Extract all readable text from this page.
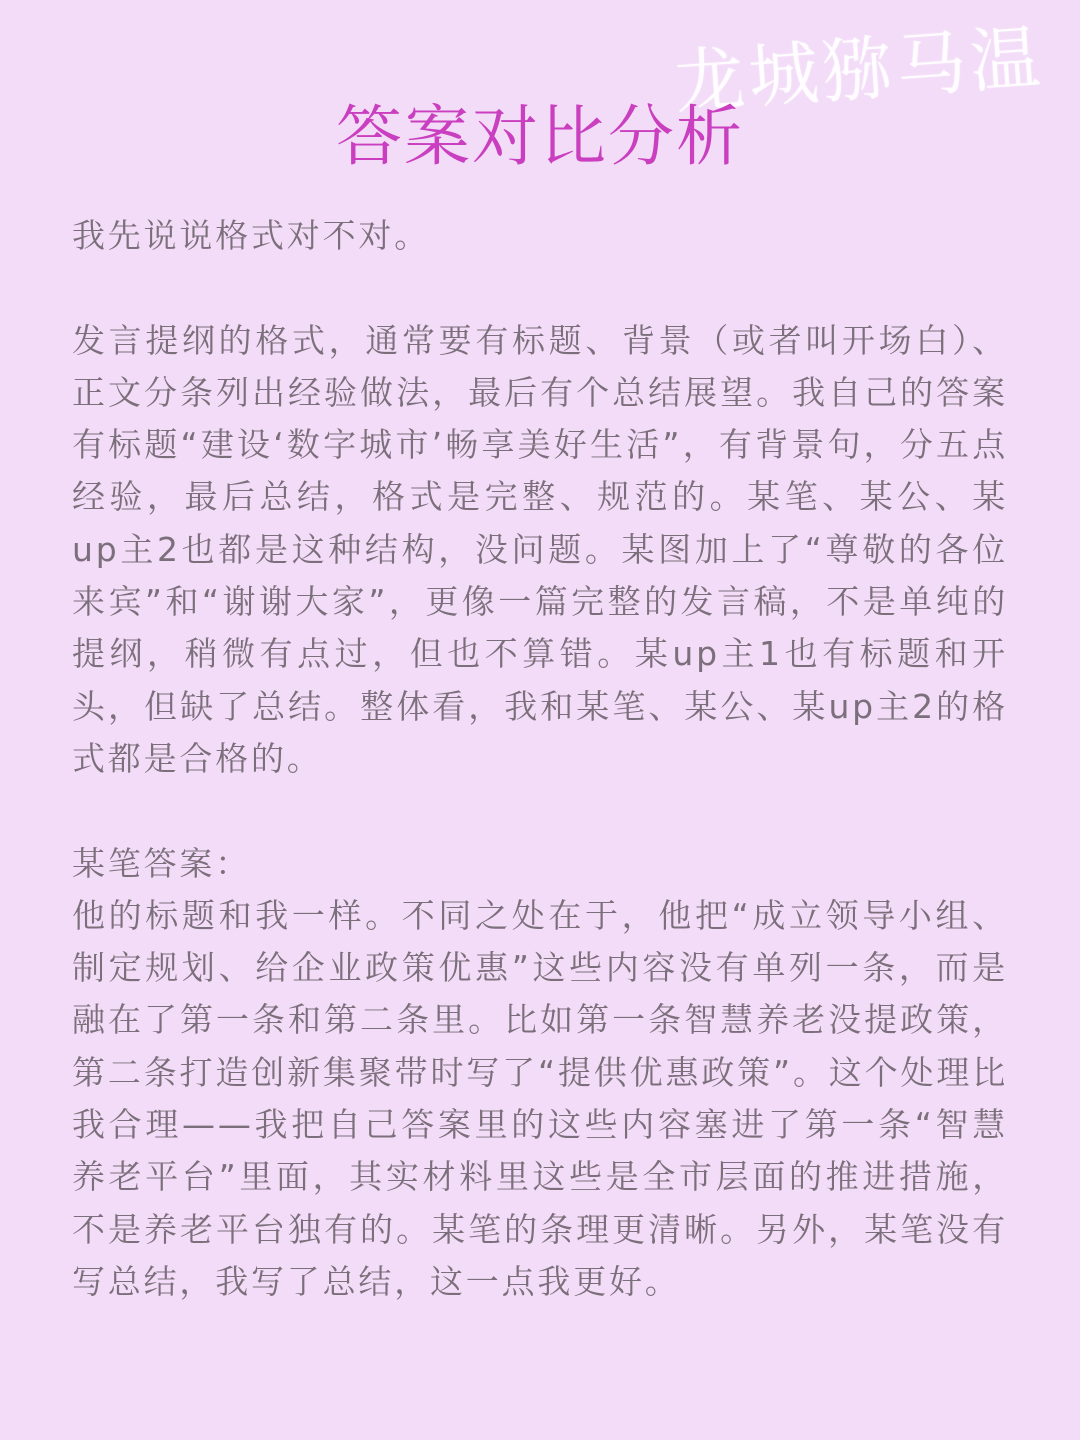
龙城猕马温
答案对比分析

我先说说格式对不对。

发言提纲的格式，通常要有标题、背景（或者叫开场白）、正文分条列出经验做法，最后有个总结展望。我自己的答案有标题“建设‘数字城市’畅享美好生活”，有背景句，分五点经验，最后总结，格式是完整、规范的。某笔、某公、某up主2也都是这种结构，没问题。某图加上了“尊敬的各位来宾”和“谢谢大家”，更像一篇完整的发言稿，不是单纯的提纲，稍微有点过，但也不算错。某up主1也有标题和开头，但缺了总结。整体看，我和某笔、某公、某up主2的格式都是合格的。

某笔答案：

他的标题和我一样。不同之处在于，他把“成立领导小组、制定规划、给企业政策优惠”这些内容没有单列一条，而是融在了第一条和第二条里。比如第一条智慧养老没提政策，第二条打造创新集聚带时写了“提供优惠政策”。这个处理比我合理——我把自己答案里的这些内容塞进了第一条“智慧养老平台”里面，其实材料里这些是全市层面的推进措施，不是养老平台独有的。某笔的条理更清晰。另外，某笔没有写总结，我写了总结，这一点我更好。
